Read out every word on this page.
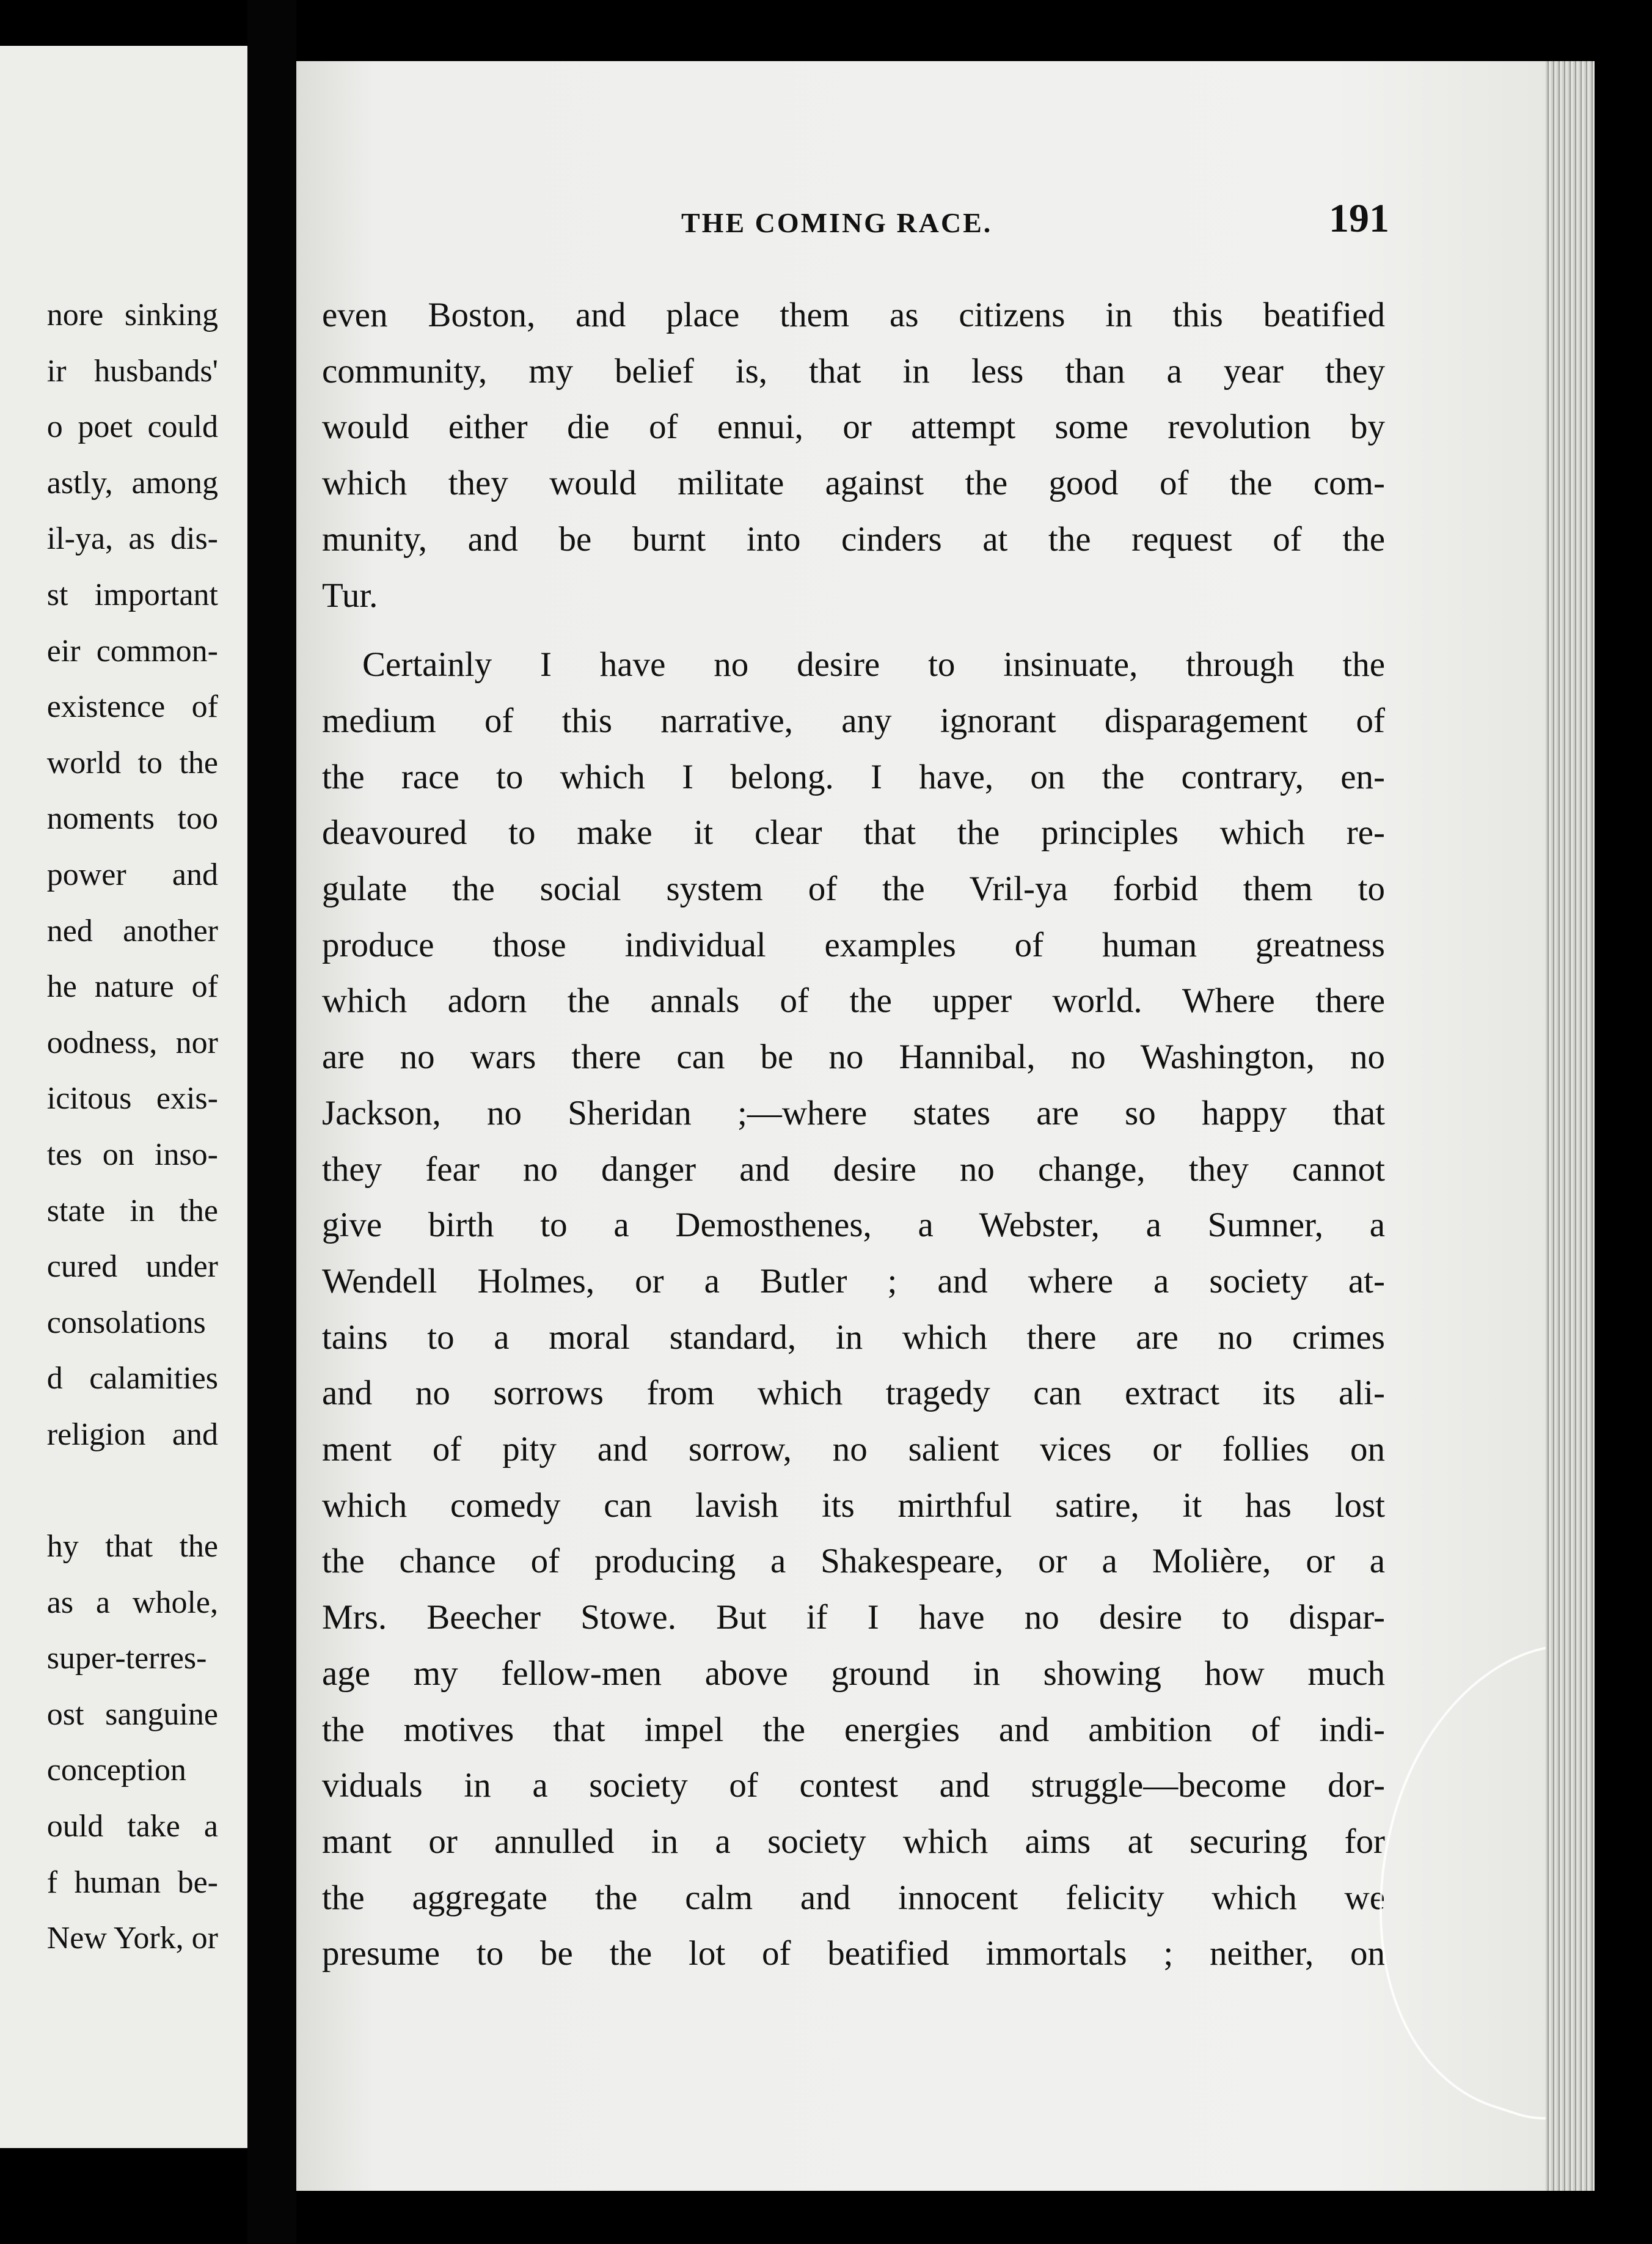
nore sinking
ir husbands'
o poet could
astly, among
il-ya, as dis-
st important
eir common-
existence of
world to the
noments too
power and
ned another
he nature of
oodness, nor
icitous exis-
tes on inso-
state in the
cured under
consolations
d calamities
religion and

hy that the
as a whole,
super-terres-
ost sanguine
conception
ould take a
f human be-
New York, or
THE COMING RACE.	191
even Boston, and place them as citizens in this beatified
community, my belief is, that in less than a year they
would either die of ennui, or attempt some revolution by
which they would militate against the good of the com-
munity, and be burnt into cinders at the request of the
Tur.
Certainly I have no desire to insinuate, through the
medium of this narrative, any ignorant disparagement of
the race to which I belong. I have, on the contrary, en-
deavoured to make it clear that the principles which re-
gulate the social system of the Vril-ya forbid them to
produce those individual examples of human greatness
which adorn the annals of the upper world. Where there
are no wars there can be no Hannibal, no Washington, no
Jackson, no Sheridan ;—where states are so happy that
they fear no danger and desire no change, they cannot
give birth to a Demosthenes, a Webster, a Sumner, a
Wendell Holmes, or a Butler ; and where a society at-
tains to a moral standard, in which there are no crimes
and no sorrows from which tragedy can extract its ali-
ment of pity and sorrow, no salient vices or follies on
which comedy can lavish its mirthful satire, it has lost
the chance of producing a Shakespeare, or a Molière, or a
Mrs. Beecher Stowe. But if I have no desire to dispar-
age my fellow-men above ground in showing how much
the motives that impel the energies and ambition of indi-
viduals in a society of contest and struggle—become dor-
mant or annulled in a society which aims at securing for
the aggregate the calm and innocent felicity which we
presume to be the lot of beatified immortals ; neither, on
